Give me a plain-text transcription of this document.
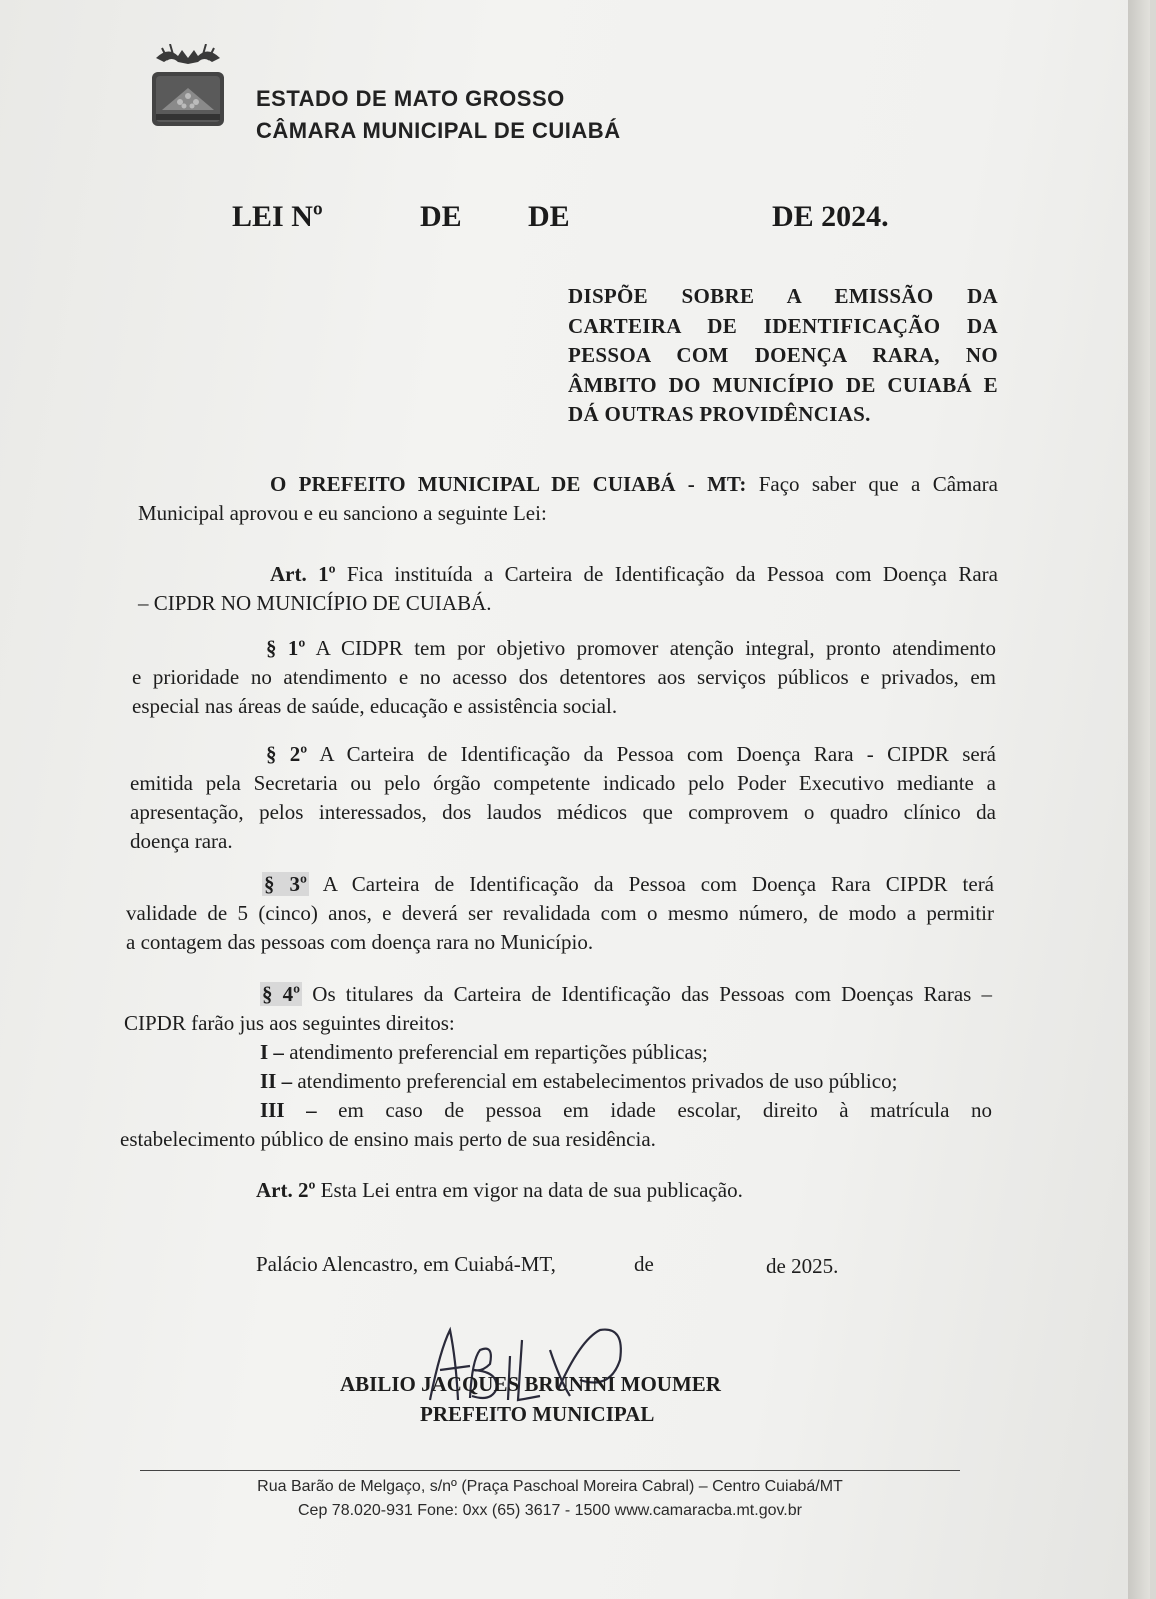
ESTADO DE MATO GROSSO
CÂMARA MUNICIPAL DE CUIABÁ
LEI Nº	DE DE	DE 2024.
DISPÕE SOBRE A EMISSÃO DA
CARTEIRA DE IDENTIFICAÇÃO DA
PESSOA COM DOENÇA RARA, NO
ÂMBITO DO MUNICÍPIO DE CUIABÁ E
DÁ OUTRAS PROVIDÊNCIAS.
O PREFEITO MUNICIPAL DE CUIABÁ - MT: Faço saber que a Câmara
Municipal aprovou e eu sanciono a seguinte Lei:
Art. 1º Fica instituída a Carteira de Identificação da Pessoa com Doença Rara
– CIPDR NO MUNICÍPIO DE CUIABÁ.
§ 1º A CIDPR tem por objetivo promover atenção integral, pronto atendimento
e prioridade no atendimento e no acesso dos detentores aos serviços públicos e privados, em
especial nas áreas de saúde, educação e assistência social.
§ 2º A Carteira de Identificação da Pessoa com Doença Rara - CIPDR será
emitida pela Secretaria ou pelo órgão competente indicado pelo Poder Executivo mediante a
apresentação, pelos interessados, dos laudos médicos que comprovem o quadro clínico da
doença rara.
§ 3º A Carteira de Identificação da Pessoa com Doença Rara CIPDR terá
validade de 5 (cinco) anos, e deverá ser revalidada com o mesmo número, de modo a permitir
a contagem das pessoas com doença rara no Município.
§ 4º Os titulares da Carteira de Identificação das Pessoas com Doenças Raras –
CIPDR farão jus aos seguintes direitos:
I – atendimento preferencial em repartições públicas;
II – atendimento preferencial em estabelecimentos privados de uso público;
III – em caso de pessoa em idade escolar, direito à matrícula no
estabelecimento público de ensino mais perto de sua residência.
Art. 2º Esta Lei entra em vigor na data de sua publicação.
Palácio Alencastro, em Cuiabá-MT,	de	de 2025.
ABILIO JACQUES BRUNINI MOUMER
PREFEITO MUNICIPAL
Rua Barão de Melgaço, s/nº (Praça Paschoal Moreira Cabral) – Centro Cuiabá/MT
Cep 78.020-931 Fone: 0xx (65) 3617 - 1500 www.camaracba.mt.gov.br
